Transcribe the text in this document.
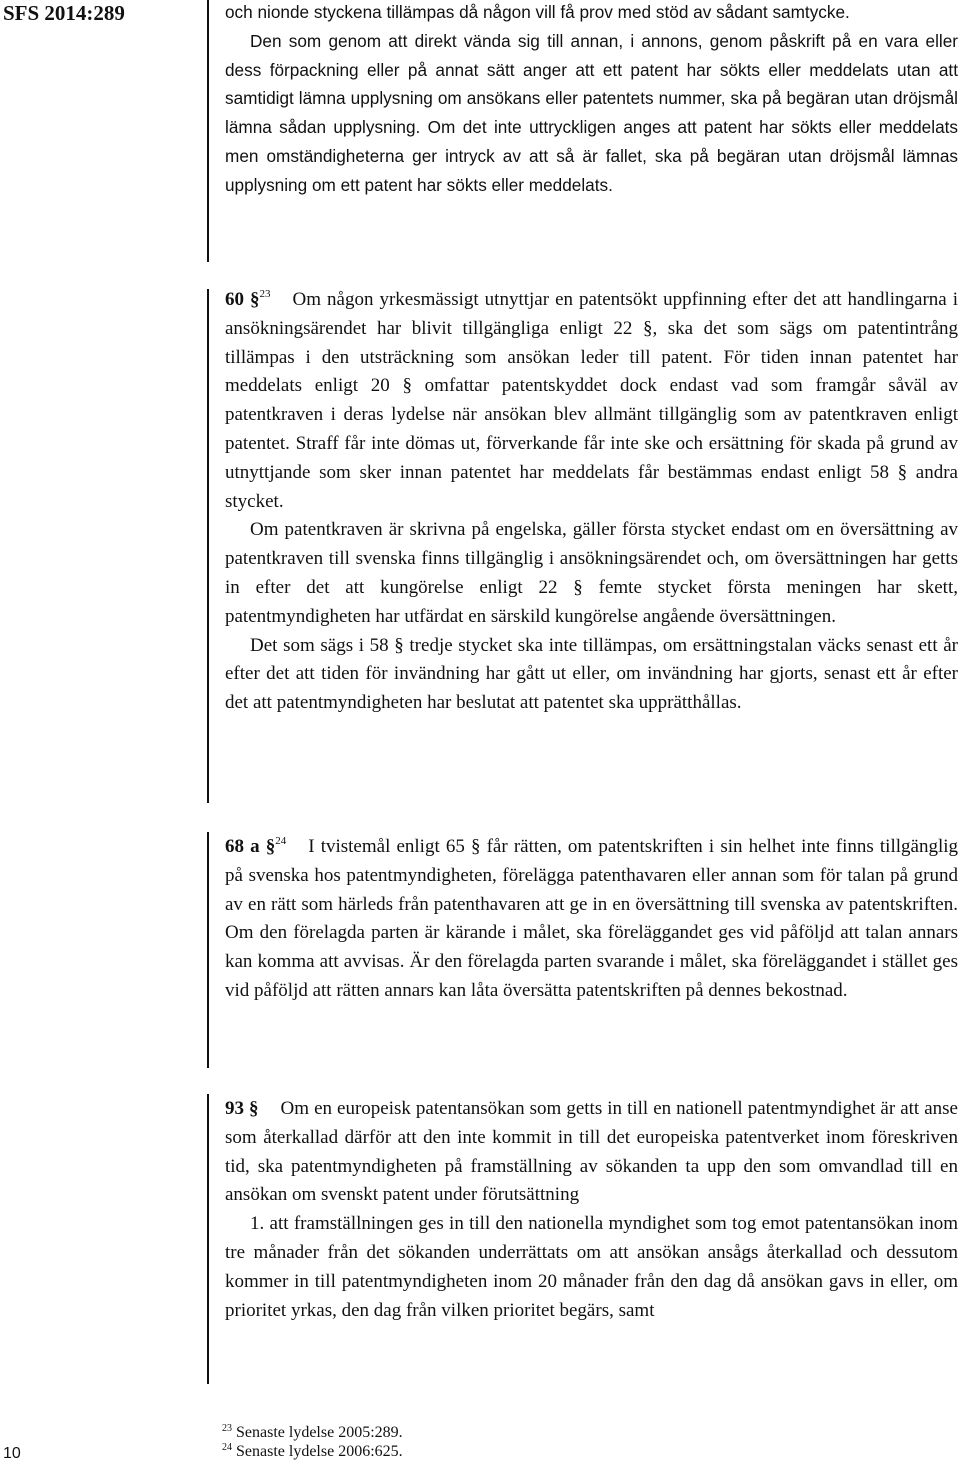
SFS 2014:289	och nionde styckena tillämpas då någon vill få prov med stöd av sådant samtycke.

Den som genom att direkt vända sig till annan, i annons, genom påskrift på en vara eller dess förpackning eller på annat sätt anger att ett patent har sökts eller meddelats utan att samtidigt lämna upplysning om ansökans eller patentets nummer, ska på begäran utan dröjsmål lämna sådan upplysning. Om det inte uttryckligen anges att patent har sökts eller meddelats men omständigheterna ger intryck av att så är fallet, ska på begäran utan dröjsmål lämnas upplysning om ett patent har sökts eller meddelats.

60 §$^{23}$ Om någon yrkesmässigt utnyttjar en patentsökt uppfinning efter det att handlingarna i ansökningsärendet har blivit tillgängliga enligt 22 §, ska det som sägs om patentintrång tillämpas i den utsträckning som ansökan leder till patent. För tiden innan patentet har meddelats enligt 20 § omfattar patentskyddet dock endast vad som framgår såväl av patentkraven i deras lydelse när ansökan blev allmänt tillgänglig som av patentkraven enligt patentet. Straff får inte dömas ut, förverkande får inte ske och ersättning för skada på grund av utnyttjande som sker innan patentet har meddelats får bestämmas endast enligt 58 § andra stycket.

Om patentkraven är skrivna på engelska, gäller första stycket endast om en översättning av patentkraven till svenska finns tillgänglig i ansökningsärendet och, om översättningen har getts in efter det att kungörelse enligt 22 § femte stycket första meningen har skett, patentmyndigheten har utfärdat en särskild kungörelse angående översättningen.

Det som sägs i 58 § tredje stycket ska inte tillämpas, om ersättningstalan väcks senast ett år efter det att tiden för invändning har gått ut eller, om invändning har gjorts, senast ett år efter det att patentmyndigheten har beslutat att patentet ska upprätthållas.

68 a §$^{24}$ I tvistemål enligt 65 § får rätten, om patentskriften i sin helhet inte finns tillgänglig på svenska hos patentmyndigheten, förelägga patenthavaren eller annan som för talan på grund av en rätt som härleds från patenthavaren att ge in en översättning till svenska av patentskriften. Om den förelagda parten är kärande i målet, ska föreläggandet ges vid påföljd att talan annars kan komma att avvisas. Är den förelagda parten svarande i målet, ska föreläggandet i stället ges vid påföljd att rätten annars kan låta översätta patentskriften på dennes bekostnad.

93 § Om en europeisk patentansökan som getts in till en nationell patentmyndighet är att anse som återkallad därför att den inte kommit in till det europeiska patentverket inom föreskriven tid, ska patentmyndigheten på framställning av sökanden ta upp den som omvandlad till en ansökan om svenskt patent under förutsättning

1. att framställningen ges in till den nationella myndighet som tog emot patentansökan inom tre månader från det sökanden underrättats om att ansökan ansågs återkallad och dessutom kommer in till patentmyndigheten inom 20 månader från den dag då ansökan gavs in eller, om prioritet yrkas, den dag från vilken prioritet begärs, samt

$^{23}$ Senaste lydelse 2005:289.
$^{24}$ Senaste lydelse 2006:625.
10
